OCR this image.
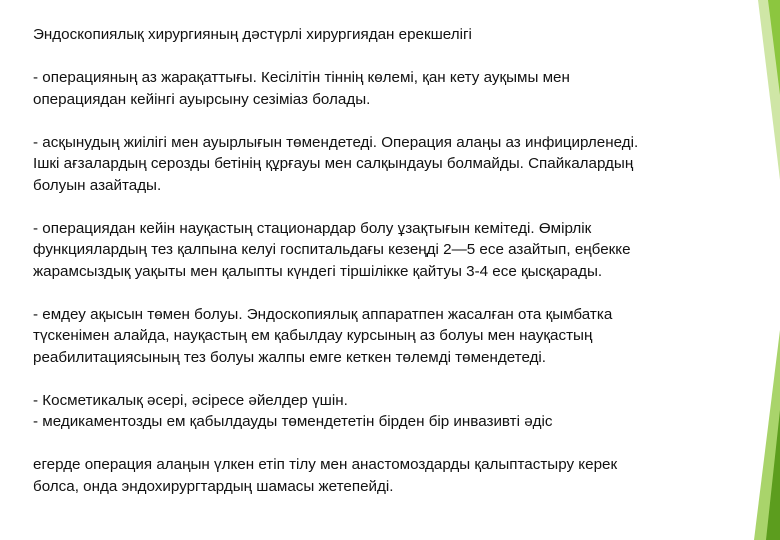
Эндоскопиялық хирургияның дәстүрлі хирургиядан ерекшелігі

- операцияның аз жарақаттығы. Кесілітін тіннің көлемі, қан кету ауқымы мен
операциядан кейінгі ауырсыну сезіміаз болады.

- асқынудың жиілігі мен ауырлығын төмендетеді. Операция алаңы аз инфицирленеді.
Ішкі ағзалардың серозды бетінің құрғауы мен салқындауы болмайды. Спайкалардың
болуын азайтады.

- операциядан кейін науқастың стационардар болу ұзақтығын кемітеді. Өмірлік
функциялардың тез қалпына келуі госпитальдағы кезеңді 2—5 есе азайтып, еңбекке
жарамсыздық уақыты мен қалыпты күндегі тіршілікке қайтуы 3-4 есе қысқарады.

- емдеу ақысын төмен болуы. Эндоскопиялық аппаратпен жасалған ота қымбатка
түскенімен алайда, науқастың ем қабылдау курсының аз болуы мен науқастың
реабилитациясының тез болуы жалпы емге кеткен төлемді төмендетеді.

- Косметикалық әсері, әсіресе әйелдер үшін.
- медикаментозды ем қабылдауды төмендететін бірден бір инвазивті әдіс

егерде операция алаңын үлкен етіп тілу мен анастомоздарды қалыптастыру керек
болса, онда эндохирургтардың шамасы жетепейді.
